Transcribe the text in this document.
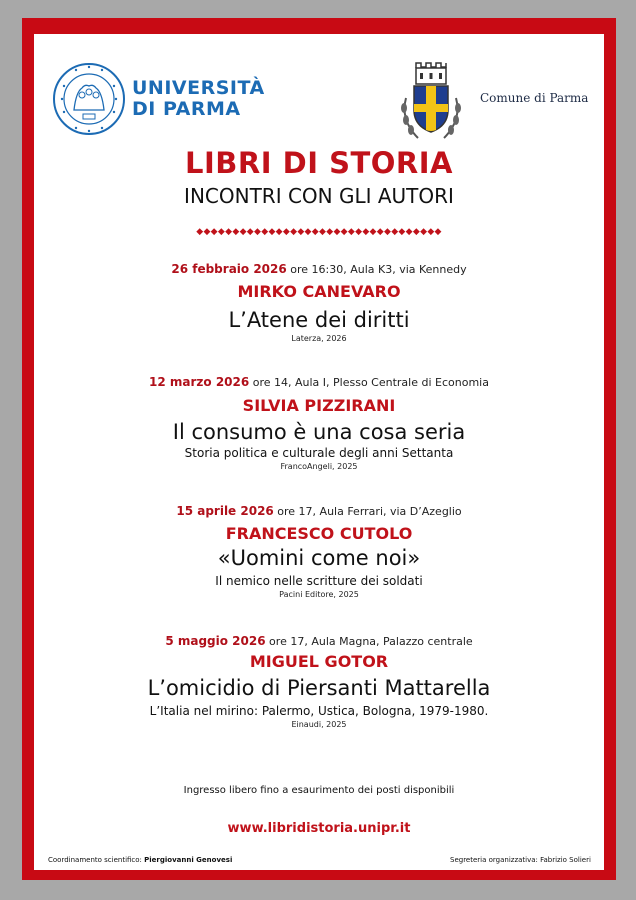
UNIVERSITÀ
DI PARMA	Comune di Parma
LIBRI DI STORIA
INCONTRI CON GLI AUTORI
◆◆◆◆◆◆◆◆◆◆◆◆◆◆◆◆◆◆◆◆◆◆◆◆◆◆◆◆◆◆◆◆◆◆
26 febbraio 2026 ore 16:30, Aula K3, via Kennedy
MIRKO CANEVARO
L’Atene dei diritti
Laterza, 2026
12 marzo 2026 ore 14, Aula I, Plesso Centrale di Economia
SILVIA PIZZIRANI
Il consumo è una cosa seria
Storia politica e culturale degli anni Settanta
FrancoAngeli, 2025
15 aprile 2026 ore 17, Aula Ferrari, via D’Azeglio
FRANCESCO CUTOLO
«Uomini come noi»
Il nemico nelle scritture dei soldati
Pacini Editore, 2025
5 maggio 2026 ore 17, Aula Magna, Palazzo centrale
MIGUEL GOTOR
L’omicidio di Piersanti Mattarella
L’Italia nel mirino: Palermo, Ustica, Bologna, 1979-1980.
Einaudi, 2025
Ingresso libero fino a esaurimento dei posti disponibili
www.libridistoria.unipr.it
Coordinamento scientifico: Piergiovanni Genovesi	Segreteria organizzativa: Fabrizio Solieri
